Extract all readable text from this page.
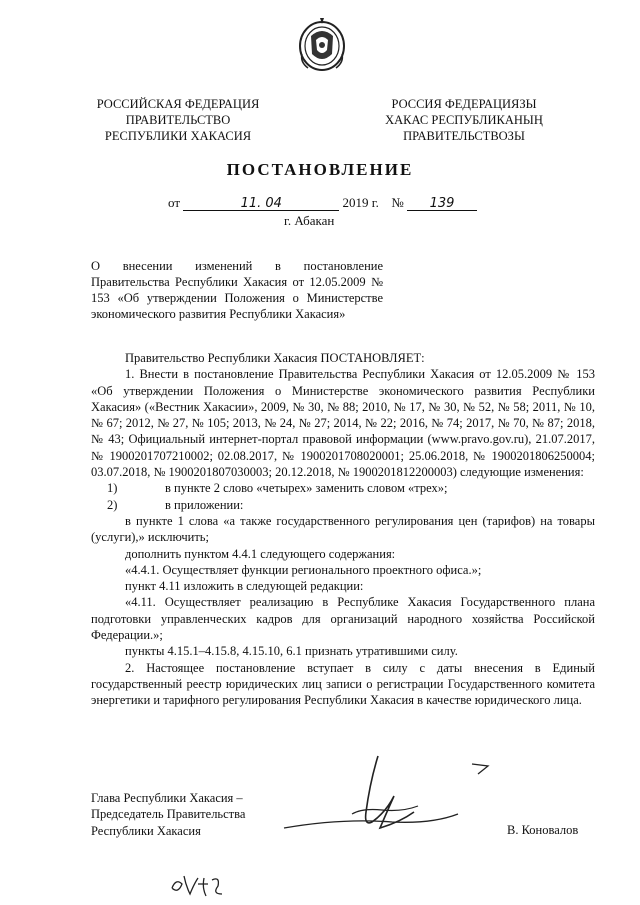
РОССИЙСКАЯ ФЕДЕРАЦИЯ
ПРАВИТЕЛЬСТВО
РЕСПУБЛИКИ ХАКАСИЯ
РОССИЯ ФЕДЕРАЦИЯЗЫ
ХАКАС РЕСПУБЛИКАНЫҢ
ПРАВИТЕЛЬСТВОЗЫ
ПОСТАНОВЛЕНИЕ
от	11. 04	2019 г. № 139
г. Абакан
О внесении изменений в постановление Правительства Республики Хакасия от 12.05.2009 № 153 «Об утверждении Положения о Министерстве экономического развития Республики Хакасия»

Правительство Республики Хакасия ПОСТАНОВЛЯЕТ:

1. Внести в постановление Правительства Республики Хакасия от 12.05.2009 № 153 «Об утверждении Положения о Министерстве экономического развития Республики Хакасия» («Вестник Хакасии», 2009, № 30, № 88; 2010, № 17, № 30, № 52, № 58; 2011, № 10, № 67; 2012, № 27, № 105; 2013, № 24, № 27; 2014, № 22; 2016, № 74; 2017, № 70, № 87; 2018, № 43; Официальный интернет-портал правовой информации (www.pravo.gov.ru), 21.07.2017, № 1900201707210002; 02.08.2017, № 1900201708020001; 25.06.2018, № 1900201806250004; 03.07.2018, № 1900201807030003; 20.12.2018, № 1900201812200003) следующие изменения:

1)	в пункте 2 слово «четырех» заменить словом «трех»;

2)	в приложении:

в пункте 1 слова «а также государственного регулирования цен (тарифов) на товары (услуги),» исключить;

дополнить пунктом 4.4.1 следующего содержания:

«4.4.1. Осуществляет функции регионального проектного офиса.»;

пункт 4.11 изложить в следующей редакции:

«4.11. Осуществляет реализацию в Республике Хакасия Государственного плана подготовки управленческих кадров для организаций народного хозяйства Российской Федерации.»;

пункты 4.15.1–4.15.8, 4.15.10, 6.1 признать утратившими силу.

2. Настоящее постановление вступает в силу с даты внесения в Единый государственный реестр юридических лиц записи о регистрации Государственного комитета энергетики и тарифного регулирования Республики Хакасия в качестве юридического лица.

Глава Республики Хакасия –
Председатель Правительства
Республики Хакасия	В. Коновалов
